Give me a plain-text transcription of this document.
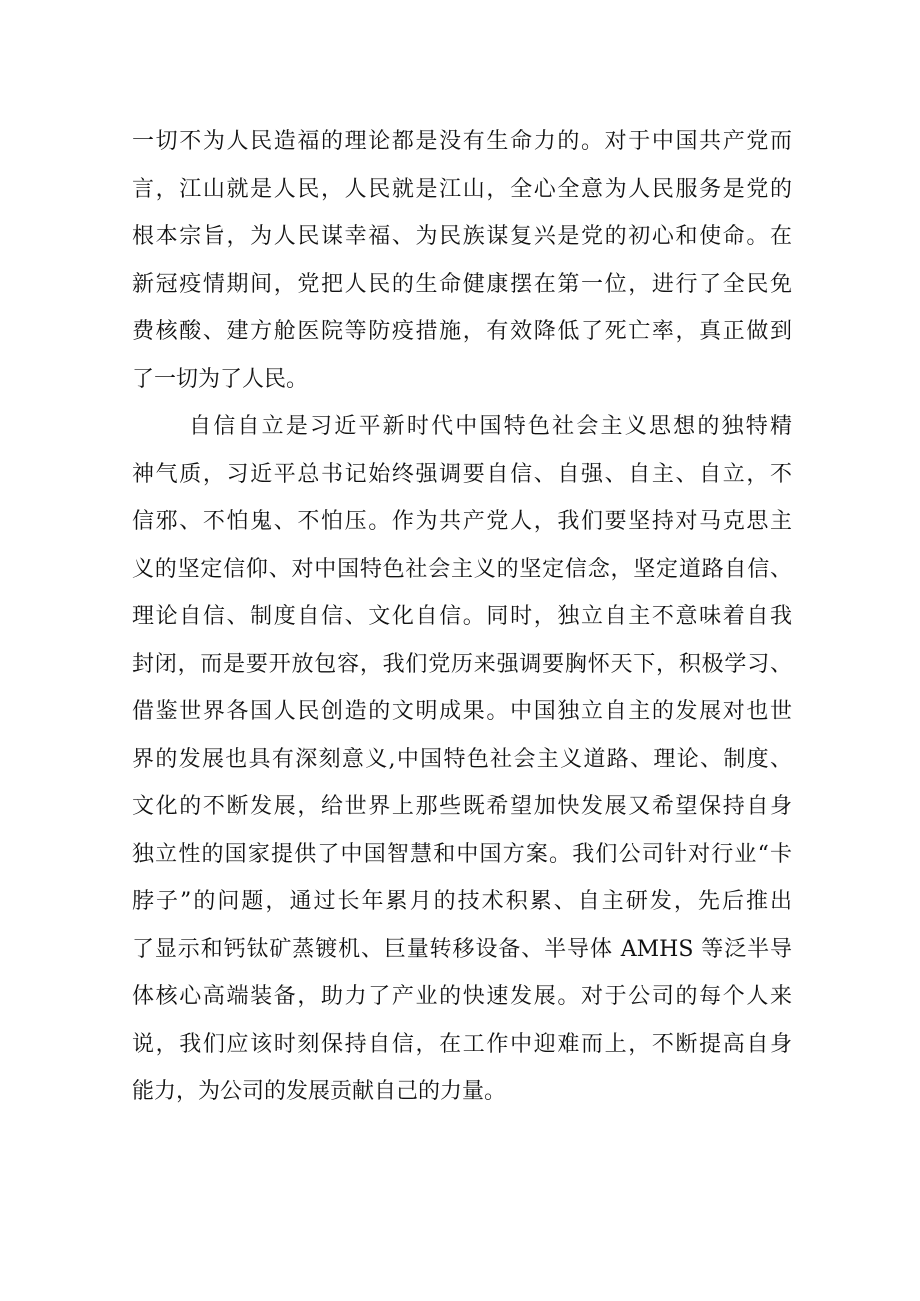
一切不为人民造福的理论都是没有生命力的。对于中国共产党而
言，江山就是人民，人民就是江山，全心全意为人民服务是党的
根本宗旨，为人民谋幸福、为民族谋复兴是党的初心和使命。在
新冠疫情期间，党把人民的生命健康摆在第一位，进行了全民免
费核酸、建方舱医院等防疫措施，有效降低了死亡率，真正做到
了一切为了人民。
自信自立是习近平新时代中国特色社会主义思想的独特精
神气质，习近平总书记始终强调要自信、自强、自主、自立，不
信邪、不怕鬼、不怕压。作为共产党人，我们要坚持对马克思主
义的坚定信仰、对中国特色社会主义的坚定信念，坚定道路自信、
理论自信、制度自信、文化自信。同时，独立自主不意味着自我
封闭，而是要开放包容，我们党历来强调要胸怀天下，积极学习、
借鉴世界各国人民创造的文明成果。中国独立自主的发展对也世
界的发展也具有深刻意义,中国特色社会主义道路、理论、制度、
文化的不断发展，给世界上那些既希望加快发展又希望保持自身
独立性的国家提供了中国智慧和中国方案。我们公司针对行业“卡
脖子”的问题，通过长年累月的技术积累、自主研发，先后推出
了显示和钙钛矿蒸镀机、巨量转移设备、半导体 AMHS 等泛半导
体核心高端装备，助力了产业的快速发展。对于公司的每个人来
说，我们应该时刻保持自信，在工作中迎难而上，不断提高自身
能力，为公司的发展贡献自己的力量。
